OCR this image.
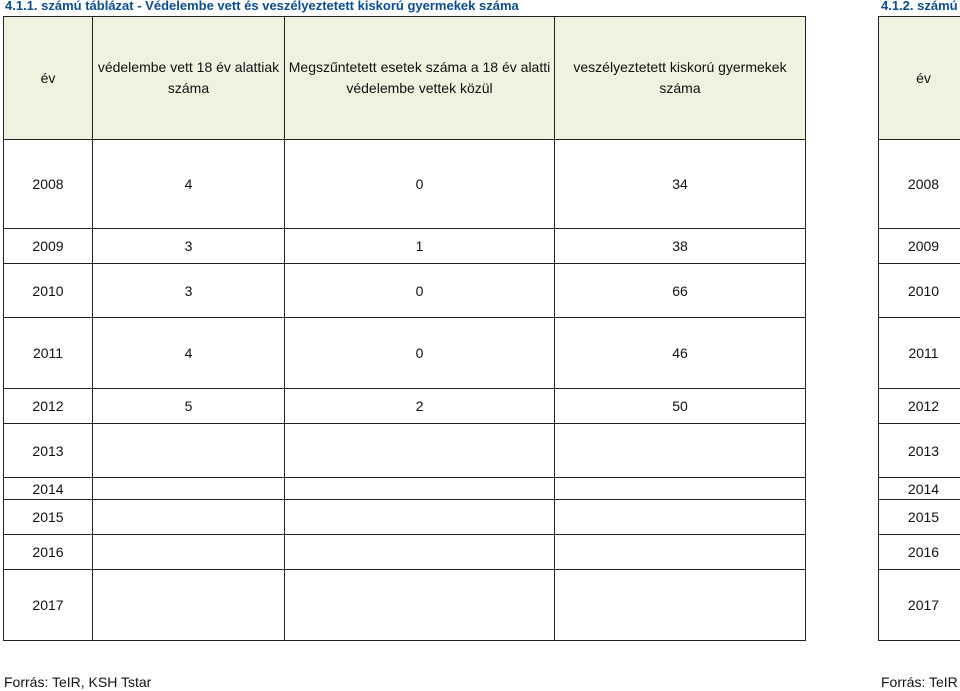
4.1.1. számú táblázat - Védelembe vett és veszélyeztetett kiskorú gyermekek száma	4.1.2. számú
év	védelembe vett 18 év alattiak száma	Megszűntetett esetek száma a 18 év alatti védelembe vettek közül	veszélyeztetett kiskorú gyermekek száma
2008	4	0	34
2009	3	1	38
2010	3	0	66
2011	4	0	46
2012	5	2	50
2013			
2014			
2015			
2016			
2017			
év
2008
2009
2010
2011
2012
2013
2014
2015
2016
2017
Forrás: TeIR, KSH Tstar	Forrás: TeIR
